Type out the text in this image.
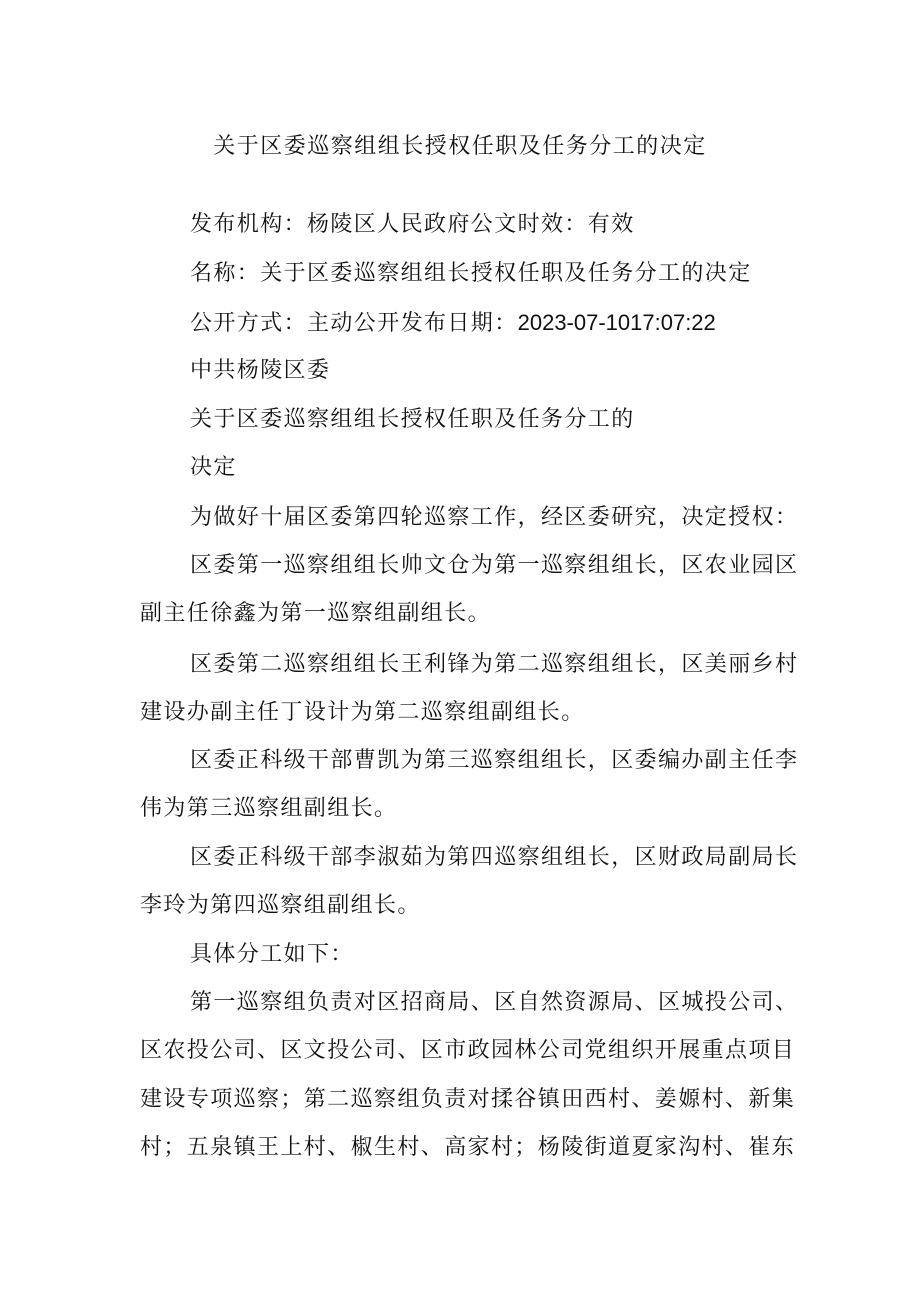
关于区委巡察组组长授权任职及任务分工的决定
发布机构：杨陵区人民政府公文时效：有效
名称：关于区委巡察组组长授权任职及任务分工的决定
公开方式：主动公开发布日期：2023-07-1017:07:22
中共杨陵区委
关于区委巡察组组长授权任职及任务分工的
决定
为做好十届区委第四轮巡察工作，经区委研究，决定授权：
区委第一巡察组组长帅文仓为第一巡察组组长，区农业园区
副主任徐鑫为第一巡察组副组长。
区委第二巡察组组长王利锋为第二巡察组组长，区美丽乡村
建设办副主任丁设计为第二巡察组副组长。
区委正科级干部曹凯为第三巡察组组长，区委编办副主任李
伟为第三巡察组副组长。
区委正科级干部李淑茹为第四巡察组组长，区财政局副局长
李玲为第四巡察组副组长。
具体分工如下：
第一巡察组负责对区招商局、区自然资源局、区城投公司、
区农投公司、区文投公司、区市政园林公司党组织开展重点项目
建设专项巡察；第二巡察组负责对揉谷镇田西村、姜嫄村、新集
村；五泉镇王上村、椒生村、高家村；杨陵街道夏家沟村、崔东
